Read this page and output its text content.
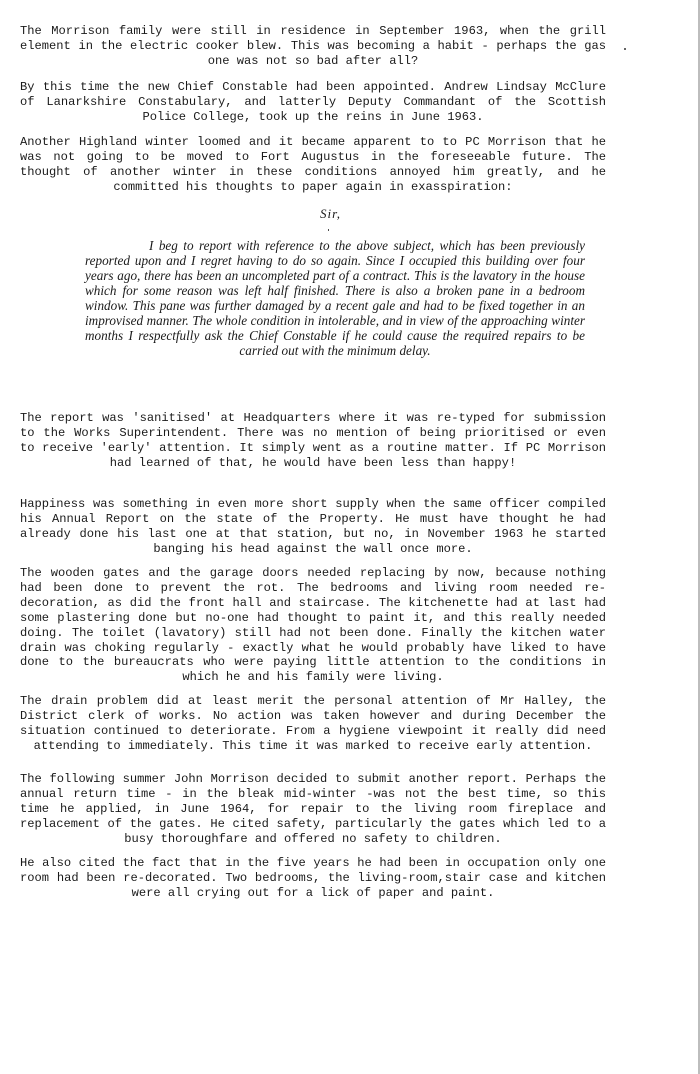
The Morrison family were still in residence in September 1963, when the grill element in the electric cooker blew. This was becoming a habit - perhaps the gas one was not so bad after all?

By this time the new Chief Constable had been appointed. Andrew Lindsay McClure of Lanarkshire Constabulary, and latterly Deputy Commandant of the Scottish Police College, took up the reins in June 1963.

Another Highland winter loomed and it became apparent to to PC Morrison that he was not going to be moved to Fort Augustus in the foreseeable future. The thought of another winter in these conditions annoyed him greatly, and he committed his thoughts to paper again in exasspiration:

Sir,

I beg to report with reference to the above subject, which has been previously reported upon and I regret having to do so again. Since I occupied this building over four years ago, there has been an uncompleted part of a contract. This is the lavatory in the house which for some reason was left half finished. There is also a broken pane in a bedroom window. This pane was further damaged by a recent gale and had to be fixed together in an improvised manner. The whole condition in intolerable, and in view of the approaching winter months I respectfully ask the Chief Constable if he could cause the required repairs to be carried out with the minimum delay.

The report was 'sanitised' at Headquarters where it was re-typed for submission to the Works Superintendent. There was no mention of being prioritised or even to receive 'early' attention. It simply went as a routine matter. If PC Morrison had learned of that, he would have been less than happy!

Happiness was something in even more short supply when the same officer compiled his Annual Report on the state of the Property. He must have thought he had already done his last one at that station, but no, in November 1963 he started banging his head against the wall once more.

The wooden gates and the garage doors needed replacing by now, because nothing had been done to prevent the rot. The bedrooms and living room needed re-decoration, as did the front hall and staircase. The kitchenette had at last had some plastering done but no-one had thought to paint it, and this really needed doing. The toilet (lavatory) still had not been done. Finally the kitchen water drain was choking regularly - exactly what he would probably have liked to have done to the bureaucrats who were paying little attention to the conditions in which he and his family were living.

The drain problem did at least merit the personal attention of Mr Halley, the District clerk of works. No action was taken however and during December the situation continued to deteriorate. From a hygiene viewpoint it really did need attending to immediately. This time it was marked to receive early attention.

The following summer John Morrison decided to submit another report. Perhaps the annual return time - in the bleak mid-winter -was not the best time, so this time he applied, in June 1964, for repair to the living room fireplace and replacement of the gates. He cited safety, particularly the gates which led to a busy thoroughfare and offered no safety to children.

He also cited the fact that in the five years he had been in occupation only one room had been re-decorated. Two bedrooms, the living-room,stair case and kitchen were all crying out for a lick of paper and paint.
